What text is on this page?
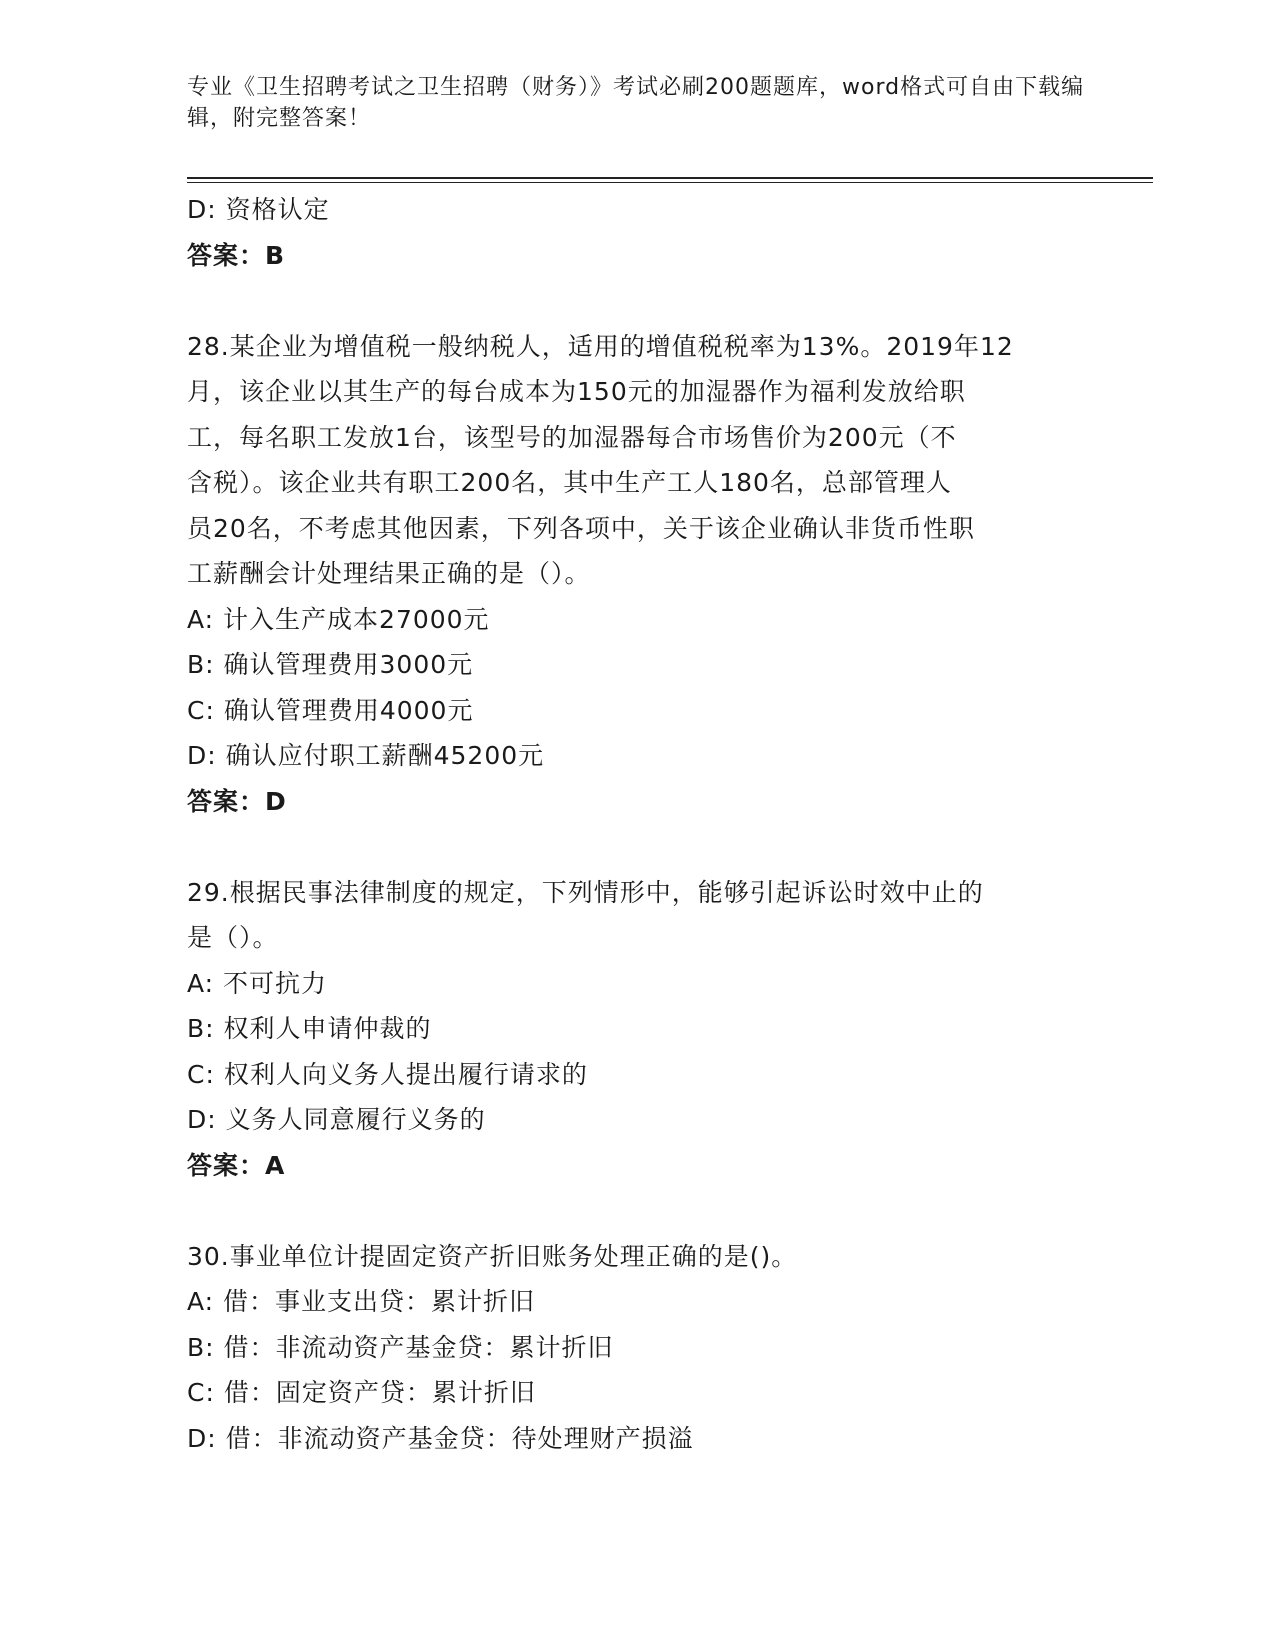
专业《卫生招聘考试之卫生招聘（财务）》考试必刷200题题库，word格式可自由下载编辑，附完整答案！
D: 资格认定
答案：B
28.某企业为增值税一般纳税人，适用的增值税税率为13%。2019年12
月，该企业以其生产的每台成本为150元的加湿器作为福利发放给职
工，每名职工发放1台，该型号的加湿器每合市场售价为200元（不
含税）。该企业共有职工200名，其中生产工人180名，总部管理人
员20名，不考虑其他因素，下列各项中，关于该企业确认非货币性职
工薪酬会计处理结果正确的是（）。
A: 计入生产成本27000元
B: 确认管理费用3000元
C: 确认管理费用4000元
D: 确认应付职工薪酬45200元
答案：D
29.根据民事法律制度的规定，下列情形中，能够引起诉讼时效中止的
是（）。
A: 不可抗力
B: 权利人申请仲裁的
C: 权利人向义务人提出履行请求的
D: 义务人同意履行义务的
答案：A
30.事业单位计提固定资产折旧账务处理正确的是()。
A: 借：事业支出贷：累计折旧
B: 借：非流动资产基金贷：累计折旧
C: 借：固定资产贷：累计折旧
D: 借：非流动资产基金贷：待处理财产损溢
